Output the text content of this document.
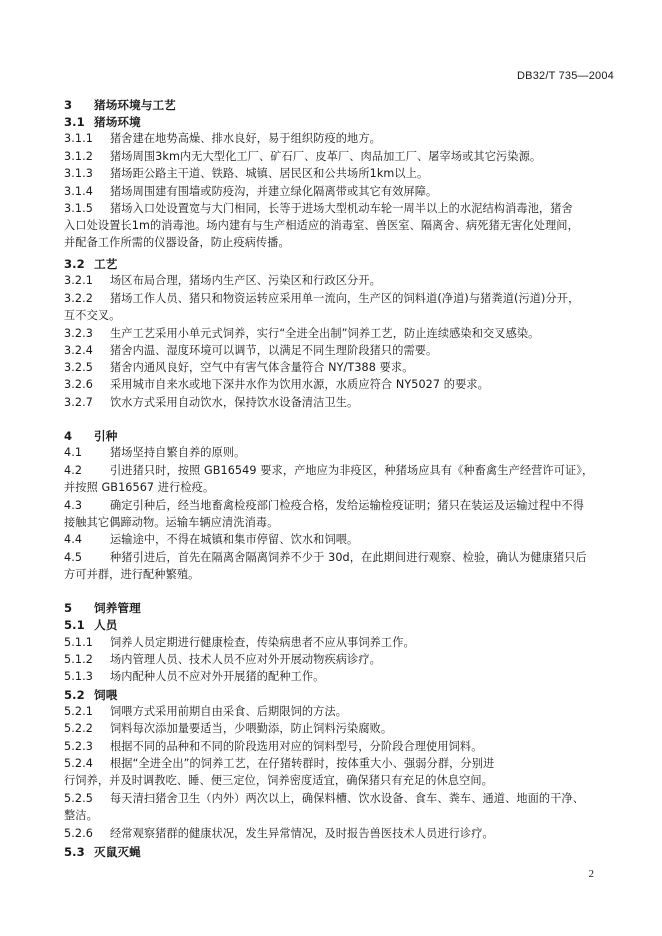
DB32/T 735—2004
3 猪场环境与工艺
3.1 猪场环境
3.1.1 猪舍建在地势高燥、排水良好，易于组织防疫的地方。
3.1.2 猪场周围3km内无大型化工厂、矿石厂、皮革厂、肉品加工厂、屠宰场或其它污染源。
3.1.3 猪场距公路主干道、铁路、城镇、居民区和公共场所1km以上。
3.1.4 猪场周围建有围墙或防疫沟，并建立绿化隔离带或其它有效屏障。
3.1.5 猪场入口处设置宽与大门相同，长等于进场大型机动车轮一周半以上的水泥结构消毒池，猪舍
入口处设置长1m的消毒池。场内建有与生产相适应的消毒室、兽医室、隔离舍、病死猪无害化处理间，
并配备工作所需的仪器设备，防止疫病传播。
3.2 工艺
3.2.1 场区布局合理，猪场内生产区、污染区和行政区分开。
3.2.2 猪场工作人员、猪只和物资运转应采用单一流向，生产区的饲料道(净道)与猪粪道(污道)分开，
互不交叉。
3.2.3 生产工艺采用小单元式饲养，实行“全进全出制”饲养工艺，防止连续感染和交叉感染。
3.2.4 猪舍内温、湿度环境可以调节，以满足不同生理阶段猪只的需要。
3.2.5 猪舍内通风良好，空气中有害气体含量符合 NY/T388 要求。
3.2.6 采用城市自来水或地下深井水作为饮用水源，水质应符合 NY5027 的要求。
3.2.7 饮水方式采用自动饮水，保持饮水设备清洁卫生。
4 引种
4.1 猪场坚持自繁自养的原则。
4.2 引进猪只时，按照 GB16549 要求，产地应为非疫区，种猪场应具有《种畜禽生产经营许可证》，
并按照 GB16567 进行检疫。
4.3 确定引种后，经当地畜禽检疫部门检疫合格，发给运输检疫证明；猪只在装运及运输过程中不得
接触其它偶蹄动物。运输车辆应清洗消毒。
4.4 运输途中，不得在城镇和集市停留、饮水和饲喂。
4.5 种猪引进后，首先在隔离舍隔离饲养不少于 30d，在此期间进行观察、检验，确认为健康猪只后
方可并群，进行配种繁殖。
5 饲养管理
5.1 人员
5.1.1 饲养人员定期进行健康检查，传染病患者不应从事饲养工作。
5.1.2 场内管理人员、技术人员不应对外开展动物疾病诊疗。
5.1.3 场内配种人员不应对外开展猪的配种工作。
5.2 饲喂
5.2.1 饲喂方式采用前期自由采食、后期限饲的方法。
5.2.2 饲料每次添加量要适当，少喂勤添，防止饲料污染腐败。
5.2.3 根据不同的品种和不同的阶段选用对应的饲料型号，分阶段合理使用饲料。
5.2.4 根据“全进全出”的饲养工艺，在仔猪转群时，按体重大小、强弱分群，分别进
行饲养，并及时调教吃、睡、便三定位，饲养密度适宜，确保猪只有充足的休息空间。
5.2.5 每天清扫猪舍卫生（内外）两次以上，确保料槽、饮水设备、食车、粪车、通道、地面的干净、
整洁。
5.2.6 经常观察猪群的健康状况，发生异常情况，及时报告兽医技术人员进行诊疗。
5.3 灭鼠灭蝇
2
